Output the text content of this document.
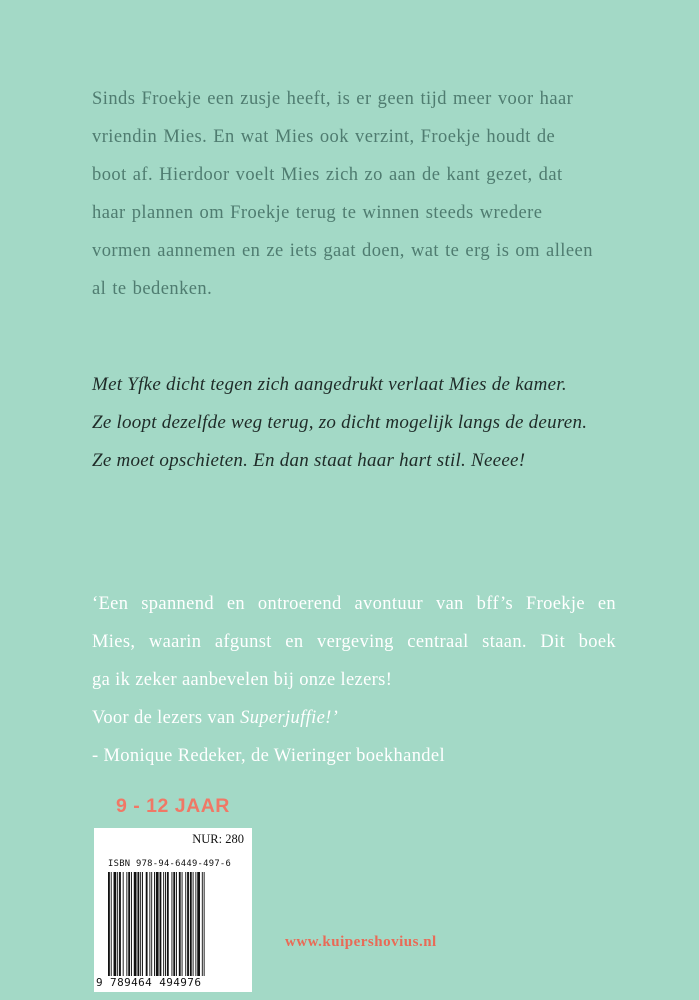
Sinds Froekje een zusje heeft, is er geen tijd meer voor haar
vriendin Mies. En wat Mies ook verzint, Froekje houdt de
boot af. Hierdoor voelt Mies zich zo aan de kant gezet, dat
haar plannen om Froekje terug te winnen steeds wredere
vormen aannemen en ze iets gaat doen, wat te erg is om alleen
al te bedenken.
Met Yfke dicht tegen zich aangedrukt verlaat Mies de kamer.
Ze loopt dezelfde weg terug, zo dicht mogelijk langs de deuren.
Ze moet opschieten. En dan staat haar hart stil. Neeee!
‘Een spannend en ontroerend avontuur van bff’s Froekje en
Mies, waarin afgunst en vergeving centraal staan. Dit boek
ga ik zeker aanbevelen bij onze lezers!
Voor de lezers van Superjuffie!’
- Monique Redeker, de Wieringer boekhandel
9 - 12 JAAR
NUR: 280
ISBN 978-94-6449-497-6
9 789464 494976
www.kuipershovius.nl
